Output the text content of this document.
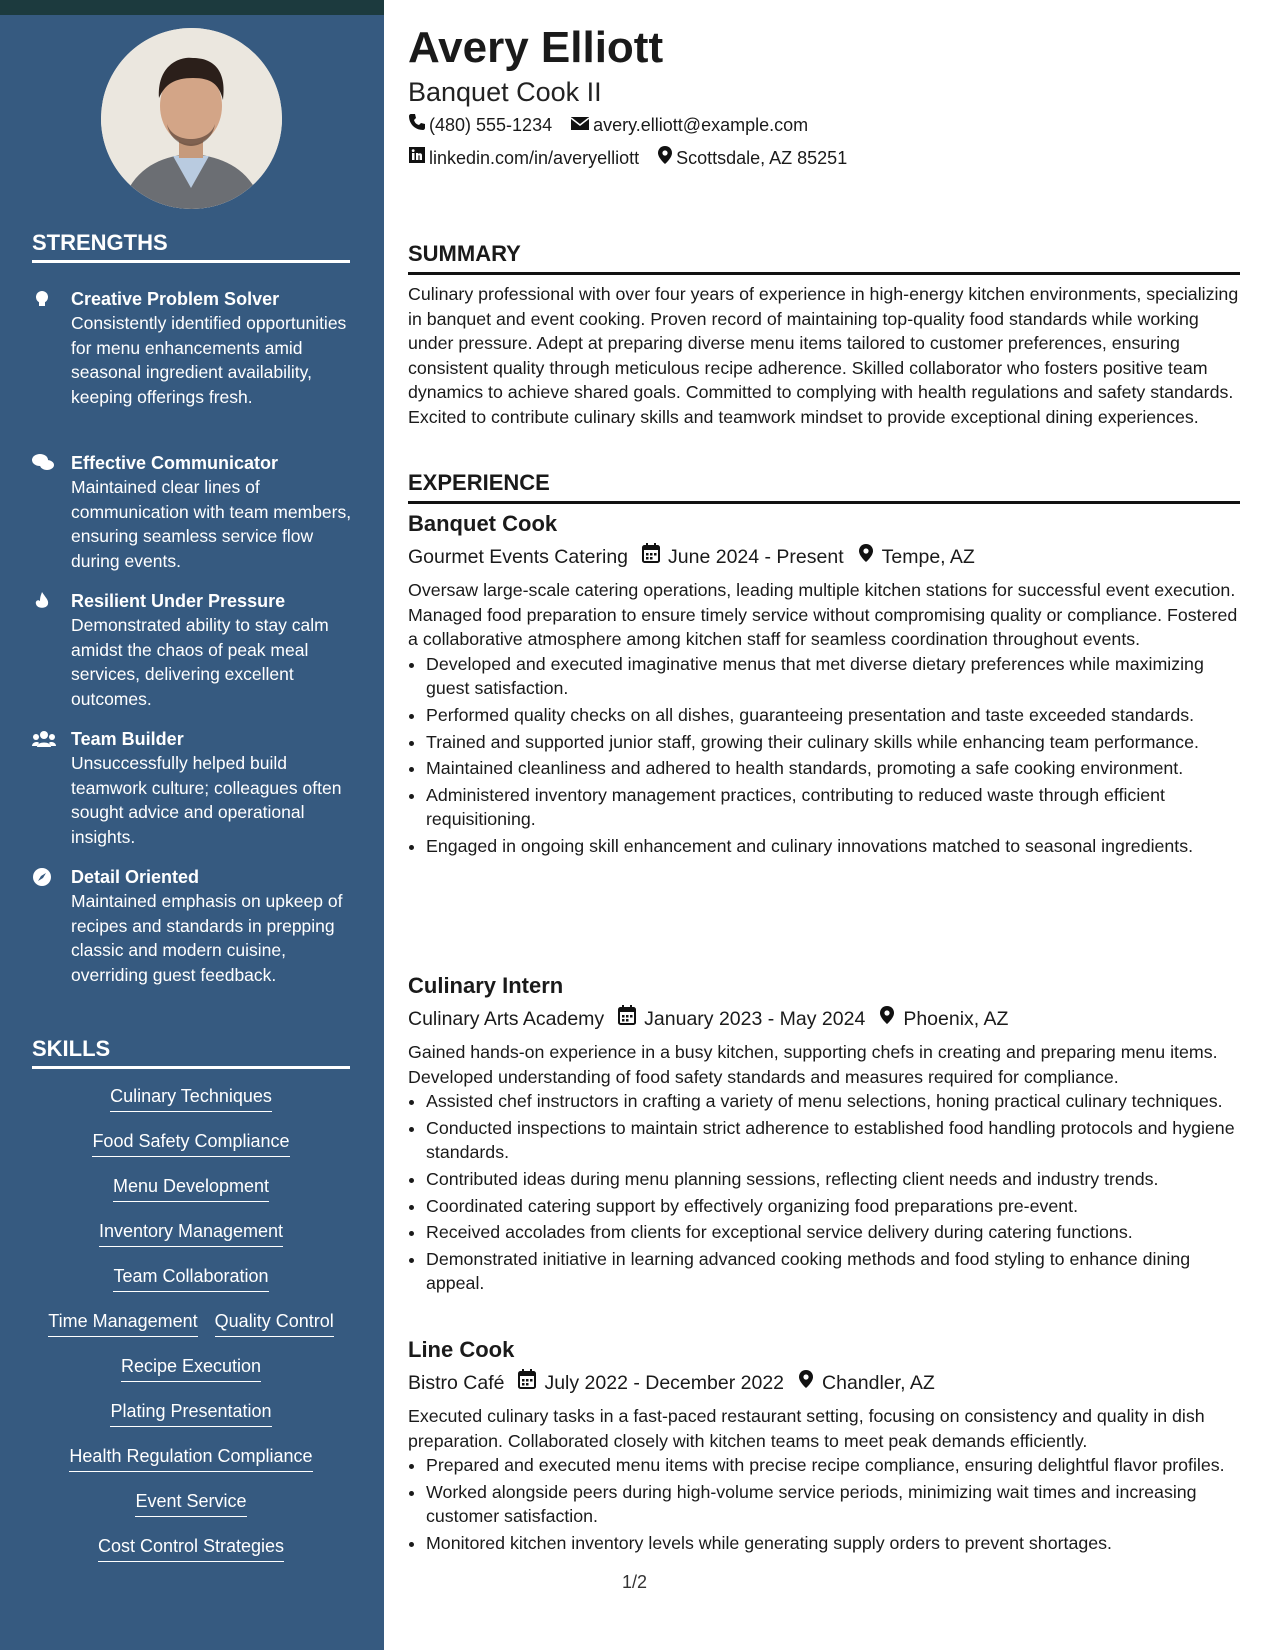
STRENGTHS
Creative Problem Solver
Consistently identified opportunities for menu enhancements amid seasonal ingredient availability, keeping offerings fresh.
Effective Communicator
Maintained clear lines of communication with team members, ensuring seamless service flow during events.
Resilient Under Pressure
Demonstrated ability to stay calm amidst the chaos of peak meal services, delivering excellent outcomes.
Team Builder
Unsuccessfully helped build teamwork culture; colleagues often sought advice and operational insights.
Detail Oriented
Maintained emphasis on upkeep of recipes and standards in prepping classic and modern cuisine, overriding guest feedback.
SKILLS
Culinary Techniques
Food Safety Compliance
Menu Development
Inventory Management
Team Collaboration
Time Management Quality Control
Recipe Execution
Plating Presentation
Health Regulation Compliance
Event Service
Cost Control Strategies
Avery Elliott
Banquet Cook II
(480) 555-1234 avery.elliott@example.com
linkedin.com/in/averyelliott Scottsdale, AZ 85251
SUMMARY
Culinary professional with over four years of experience in high-energy kitchen environments, specializing in banquet and event cooking. Proven record of maintaining top-quality food standards while working under pressure. Adept at preparing diverse menu items tailored to customer preferences, ensuring consistent quality through meticulous recipe adherence. Skilled collaborator who fosters positive team dynamics to achieve shared goals. Committed to complying with health regulations and safety standards. Excited to contribute culinary skills and teamwork mindset to provide exceptional dining experiences.
EXPERIENCE
Banquet Cook
Gourmet Events Catering June 2024 - Present Tempe, AZ
Oversaw large-scale catering operations, leading multiple kitchen stations for successful event execution. Managed food preparation to ensure timely service without compromising quality or compliance. Fostered a collaborative atmosphere among kitchen staff for seamless coordination throughout events.
• Developed and executed imaginative menus that met diverse dietary preferences while maximizing guest satisfaction.
• Performed quality checks on all dishes, guaranteeing presentation and taste exceeded standards.
• Trained and supported junior staff, growing their culinary skills while enhancing team performance.
• Maintained cleanliness and adhered to health standards, promoting a safe cooking environment.
• Administered inventory management practices, contributing to reduced waste through efficient requisitioning.
• Engaged in ongoing skill enhancement and culinary innovations matched to seasonal ingredients.
Culinary Intern
Culinary Arts Academy January 2023 - May 2024 Phoenix, AZ
Gained hands-on experience in a busy kitchen, supporting chefs in creating and preparing menu items. Developed understanding of food safety standards and measures required for compliance.
• Assisted chef instructors in crafting a variety of menu selections, honing practical culinary techniques.
• Conducted inspections to maintain strict adherence to established food handling protocols and hygiene standards.
• Contributed ideas during menu planning sessions, reflecting client needs and industry trends.
• Coordinated catering support by effectively organizing food preparations pre-event.
• Received accolades from clients for exceptional service delivery during catering functions.
• Demonstrated initiative in learning advanced cooking methods and food styling to enhance dining appeal.
Line Cook
Bistro Café July 2022 - December 2022 Chandler, AZ
Executed culinary tasks in a fast-paced restaurant setting, focusing on consistency and quality in dish preparation. Collaborated closely with kitchen teams to meet peak demands efficiently.
• Prepared and executed menu items with precise recipe compliance, ensuring delightful flavor profiles.
• Worked alongside peers during high-volume service periods, minimizing wait times and increasing customer satisfaction.
• Monitored kitchen inventory levels while generating supply orders to prevent shortages.
1/2
